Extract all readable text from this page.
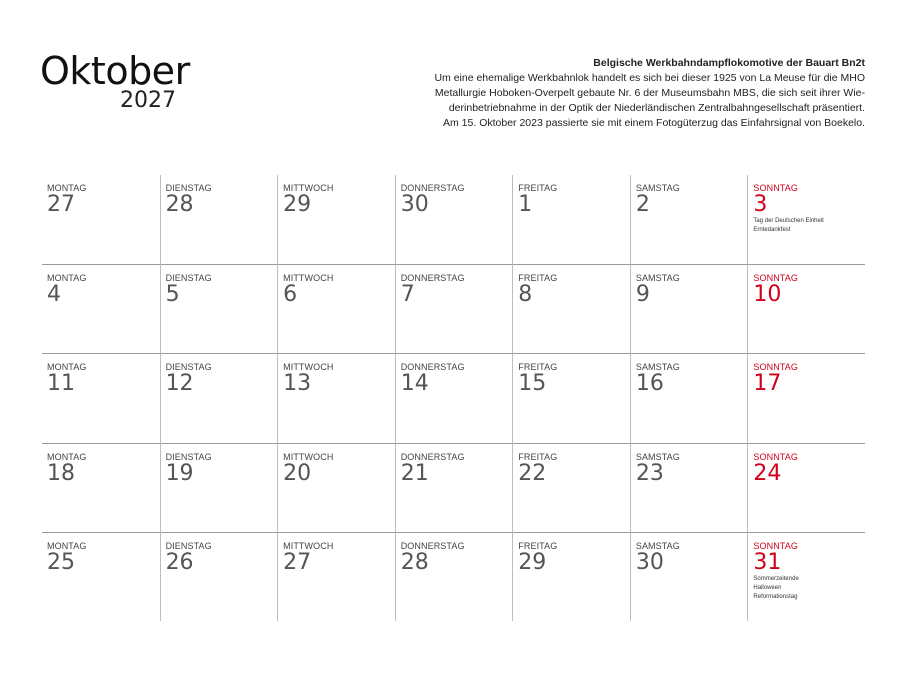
Oktober
2027
Belgische Werkbahndampflokomotive der Bauart Bn2t

Um eine ehemalige Werkbahnlok handelt es sich bei dieser 1925 von La Meuse für die MHO

Metallurgie Hoboken-Overpelt gebaute Nr. 6 der Museumsbahn MBS, die sich seit ihrer Wie-

derinbetriebnahme in der Optik der Niederländischen Zentralbahngesellschaft präsentiert.

Am 15. Oktober 2023 passierte sie mit einem Fotogüterzug das Einfahrsignal von Boekelo.

MONTAG
27
DIENSTAG
28
MITTWOCH
29
DONNERSTAG
30
FREITAG
1
SAMSTAG
2
SONNTAG
3
Tag der Deutschen Einheit
Erntedankfest
MONTAG
4
DIENSTAG
5
MITTWOCH
6
DONNERSTAG
7
FREITAG
8
SAMSTAG
9
SONNTAG
10
MONTAG
11
DIENSTAG
12
MITTWOCH
13
DONNERSTAG
14
FREITAG
15
SAMSTAG
16
SONNTAG
17
MONTAG
18
DIENSTAG
19
MITTWOCH
20
DONNERSTAG
21
FREITAG
22
SAMSTAG
23
SONNTAG
24
MONTAG
25
DIENSTAG
26
MITTWOCH
27
DONNERSTAG
28
FREITAG
29
SAMSTAG
30
SONNTAG
31
Sommerzeitende
Halloween
Reformationstag
